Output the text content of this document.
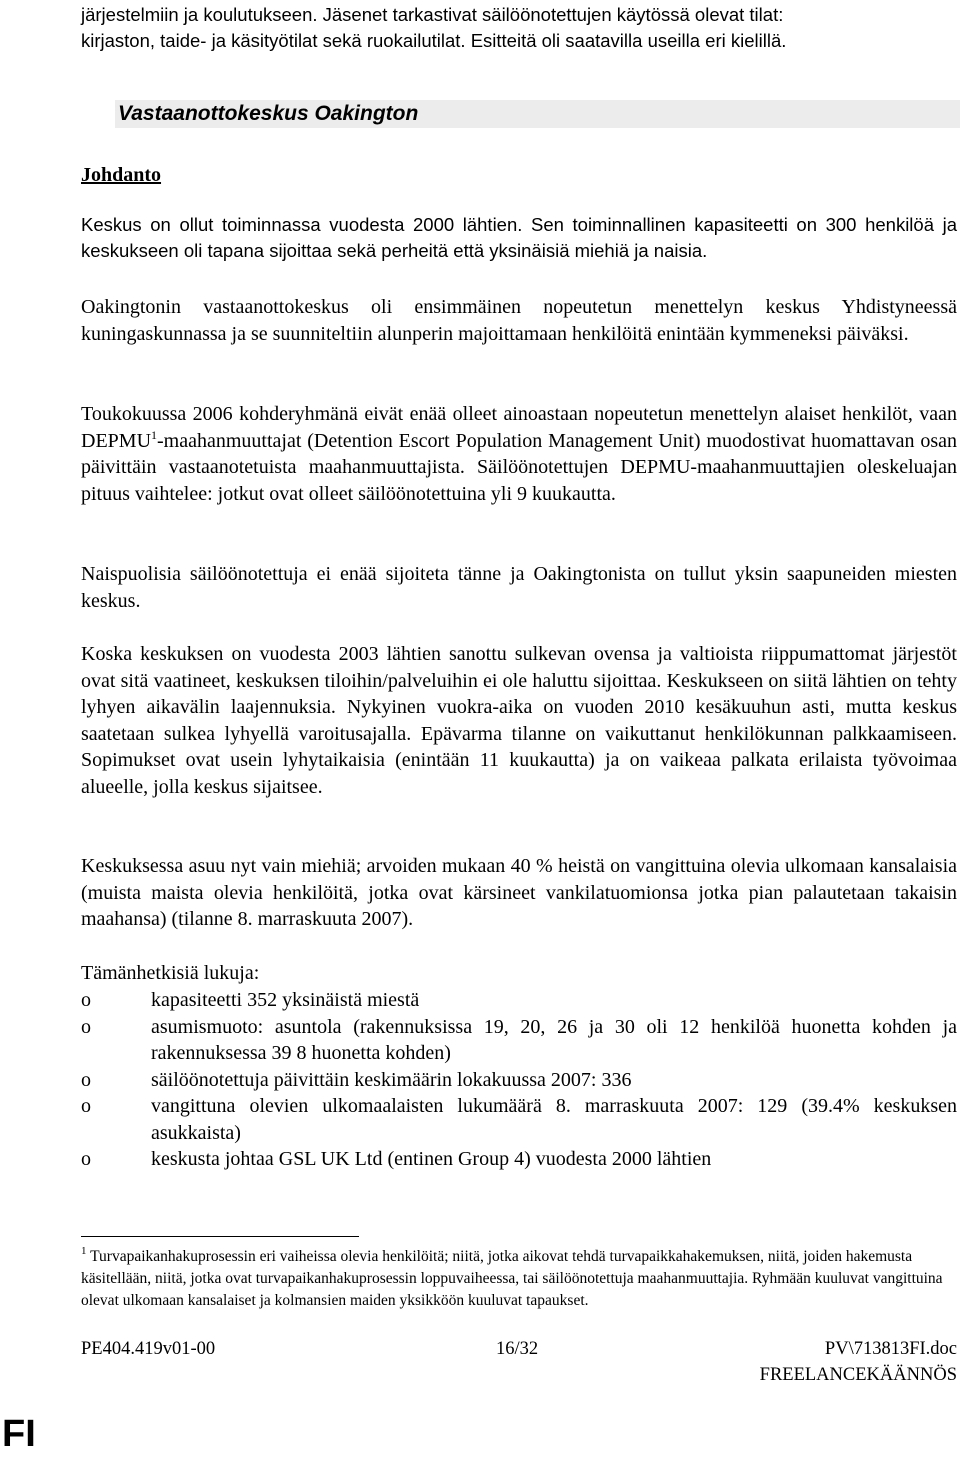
järjestelmiin ja koulutukseen. Jäsenet tarkastivat säilöönotettujen käytössä olevat tilat:

kirjaston, taide- ja käsityötilat sekä ruokailutilat. Esitteitä oli saatavilla useilla eri kielillä.

Vastaanottokeskus Oakington
Johdanto

Keskus on ollut toiminnassa vuodesta 2000 lähtien. Sen toiminnallinen kapasiteetti on 300 henkilöä ja keskukseen oli tapana sijoittaa sekä perheitä että yksinäisiä miehiä ja naisia.

Oakingtonin vastaanottokeskus oli ensimmäinen nopeutetun menettelyn keskus Yhdistyneessä kuningaskunnassa ja se suunniteltiin alunperin majoittamaan henkilöitä enintään kymmeneksi päiväksi.

Toukokuussa 2006 kohderyhmänä eivät enää olleet ainoastaan nopeutetun menettelyn alaiset henkilöt, vaan DEPMU$^1$-maahanmuuttajat (Detention Escort Population Management Unit) muodostivat huomattavan osan päivittäin vastaanotetuista maahanmuuttajista. Säilöönotettujen DEPMU-maahanmuuttajien oleskeluajan pituus vaihtelee: jotkut ovat olleet säilöönotettuina yli 9 kuukautta.

Naispuolisia säilöönotettuja ei enää sijoiteta tänne ja Oakingtonista on tullut yksin saapuneiden miesten keskus.

Koska keskuksen on vuodesta 2003 lähtien sanottu sulkevan ovensa ja valtioista riippumattomat järjestöt ovat sitä vaatineet, keskuksen tiloihin/palveluihin ei ole haluttu sijoittaa. Keskukseen on siitä lähtien on tehty lyhyen aikavälin laajennuksia. Nykyinen vuokra-aika on vuoden 2010 kesäkuuhun asti, mutta keskus saatetaan sulkea lyhyellä varoitusajalla. Epävarma tilanne on vaikuttanut henkilökunnan palkkaamiseen. Sopimukset ovat usein lyhytaikaisia (enintään 11 kuukautta) ja on vaikeaa palkata erilaista työvoimaa alueelle, jolla keskus sijaitsee.

Keskuksessa asuu nyt vain miehiä; arvoiden mukaan 40 % heistä on vangittuina olevia ulkomaan kansalaisia (muista maista olevia henkilöitä, jotka ovat kärsineet vankilatuomionsa jotka pian palautetaan takaisin maahansa) (tilanne 8. marraskuuta 2007).

Tämänhetkisiä lukuja:

o	kapasiteetti 352 yksinäistä miestä
o	asumismuoto: asuntola (rakennuksissa 19, 20, 26 ja 30 oli 12 henkilöä huonetta kohden ja rakennuksessa 39 8 huonetta kohden)
o	säilöönotettuja päivittäin keskimäärin lokakuussa 2007: 336
o	vangittuna olevien ulkomaalaisten lukumäärä 8. marraskuuta 2007: 129 (39.4% keskuksen asukkaista)
o	keskusta johtaa GSL UK Ltd (entinen Group 4) vuodesta 2000 lähtien

$^1$ Turvapaikanhakuprosessin eri vaiheissa olevia henkilöitä; niitä, jotka aikovat tehdä turvapaikkahakemuksen, niitä, joiden hakemusta käsitellään, niitä, jotka ovat turvapaikanhakuprosessin loppuvaiheessa, tai säilöönotettuja maahanmuuttajia. Ryhmään kuuluvat vangittuina olevat ulkomaan kansalaiset ja kolmansien maiden yksikköön kuuluvat tapaukset.

PE404.419v01-00	16/32	PV\713813FI.doc
FREELANCEKÄÄNNÖS
FI
